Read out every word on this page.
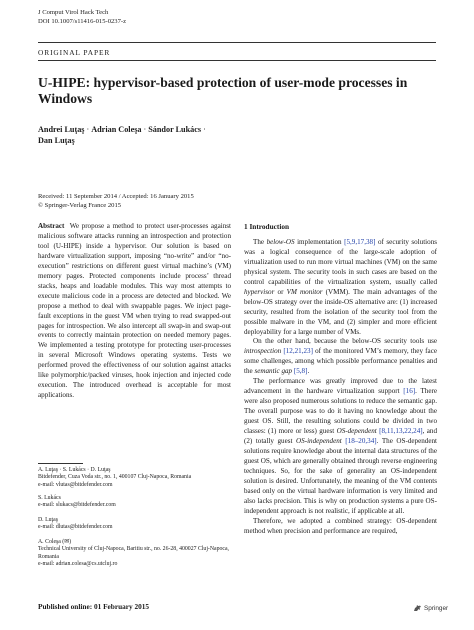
J Comput Virol Hack Tech
DOI 10.1007/s11416-015-0237-z
ORIGINAL PAPER
U-HIPE: hypervisor-based protection of user-mode processes in Windows
Andrei Luţaş · Adrian Coleşa · Sándor Lukács ·
Dan Luţaş
Received: 11 September 2014 / Accepted: 16 January 2015
© Springer-Verlag France 2015
Abstract We propose a method to protect user-processes against malicious software attacks running an introspection and protection tool (U-HIPE) inside a hypervisor. Our solution is based on hardware virtualization support, imposing “no-write” and/or “no-execution” restrictions on different guest virtual machine’s (VM) memory pages. Protected components include process’ thread stacks, heaps and loadable modules. This way most attempts to execute malicious code in a process are detected and blocked. We propose a method to deal with swappable pages. We inject page-fault exceptions in the guest VM when trying to read swapped-out pages for introspection. We also intercept all swap-in and swap-out events to correctly maintain protection on needed memory pages. We implemented a testing prototype for protecting user-processes in several Microsoft Windows operating systems. Tests we performed proved the effectiveness of our solution against attacks like polymorphic/packed viruses, hook injection and injected code execution. The introduced overhead is acceptable for most applications.
A. Luţaş · S. Lukács · D. Luţaş
Bitdefender, Cuza Voda str., no. 1, 400107 Cluj-Napoca, Romania
e-mail: vlutas@bitdefender.com
S. Lukács
e-mail: slukacs@bitdefender.com
D. Luţaş
e-mail: dlutas@bitdefender.com
A. Coleşa (✉)
Technical University of Cluj-Napoca, Baritiu str., no. 26-28, 400027 Cluj-Napoca, Romania
e-mail: adrian.colesa@cs.utcluj.ro
Published online: 01 February 2015
1 Introduction

The below-OS implementation [5,9,17,38] of security solutions was a logical consequence of the large-scale adoption of virtualization used to run more virtual machines (VM) on the same physical system. The security tools in such cases are based on the control capabilities of the virtualization system, usually called hypervisor or VM monitor (VMM). The main advantages of the below-OS strategy over the inside-OS alternative are: (1) increased security, resulted from the isolation of the security tool from the possible malware in the VM, and (2) simpler and more efficient deployability for a large number of VMs.

On the other hand, because the below-OS security tools use introspection [12,21,23] of the monitored VM’s memory, they face some challenges, among which possible performance penalties and the semantic gap [5,8].

The performance was greatly improved due to the latest advancement in the hardware virtualization support [16]. There were also proposed numerous solutions to reduce the semantic gap. The overall purpose was to do it having no knowledge about the guest OS. Still, the resulting solutions could be divided in two classes: (1) more or less) guest OS-dependent [8,11,13,22,24], and (2) totally guest OS-independent [18–20,34]. The OS-dependent solutions require knowledge about the internal data structures of the guest OS, which are generally obtained through reverse engineering techniques. So, for the sake of generality an OS-independent solution is desired. Unfortunately, the meaning of the VM contents based only on the virtual hardware information is very limited and also lacks precision. This is why on production systems a pure OS-independent approach is not realistic, if applicable at all.

Therefore, we adopted a combined strategy: OS-dependent method when precision and performance are required,

Springer
